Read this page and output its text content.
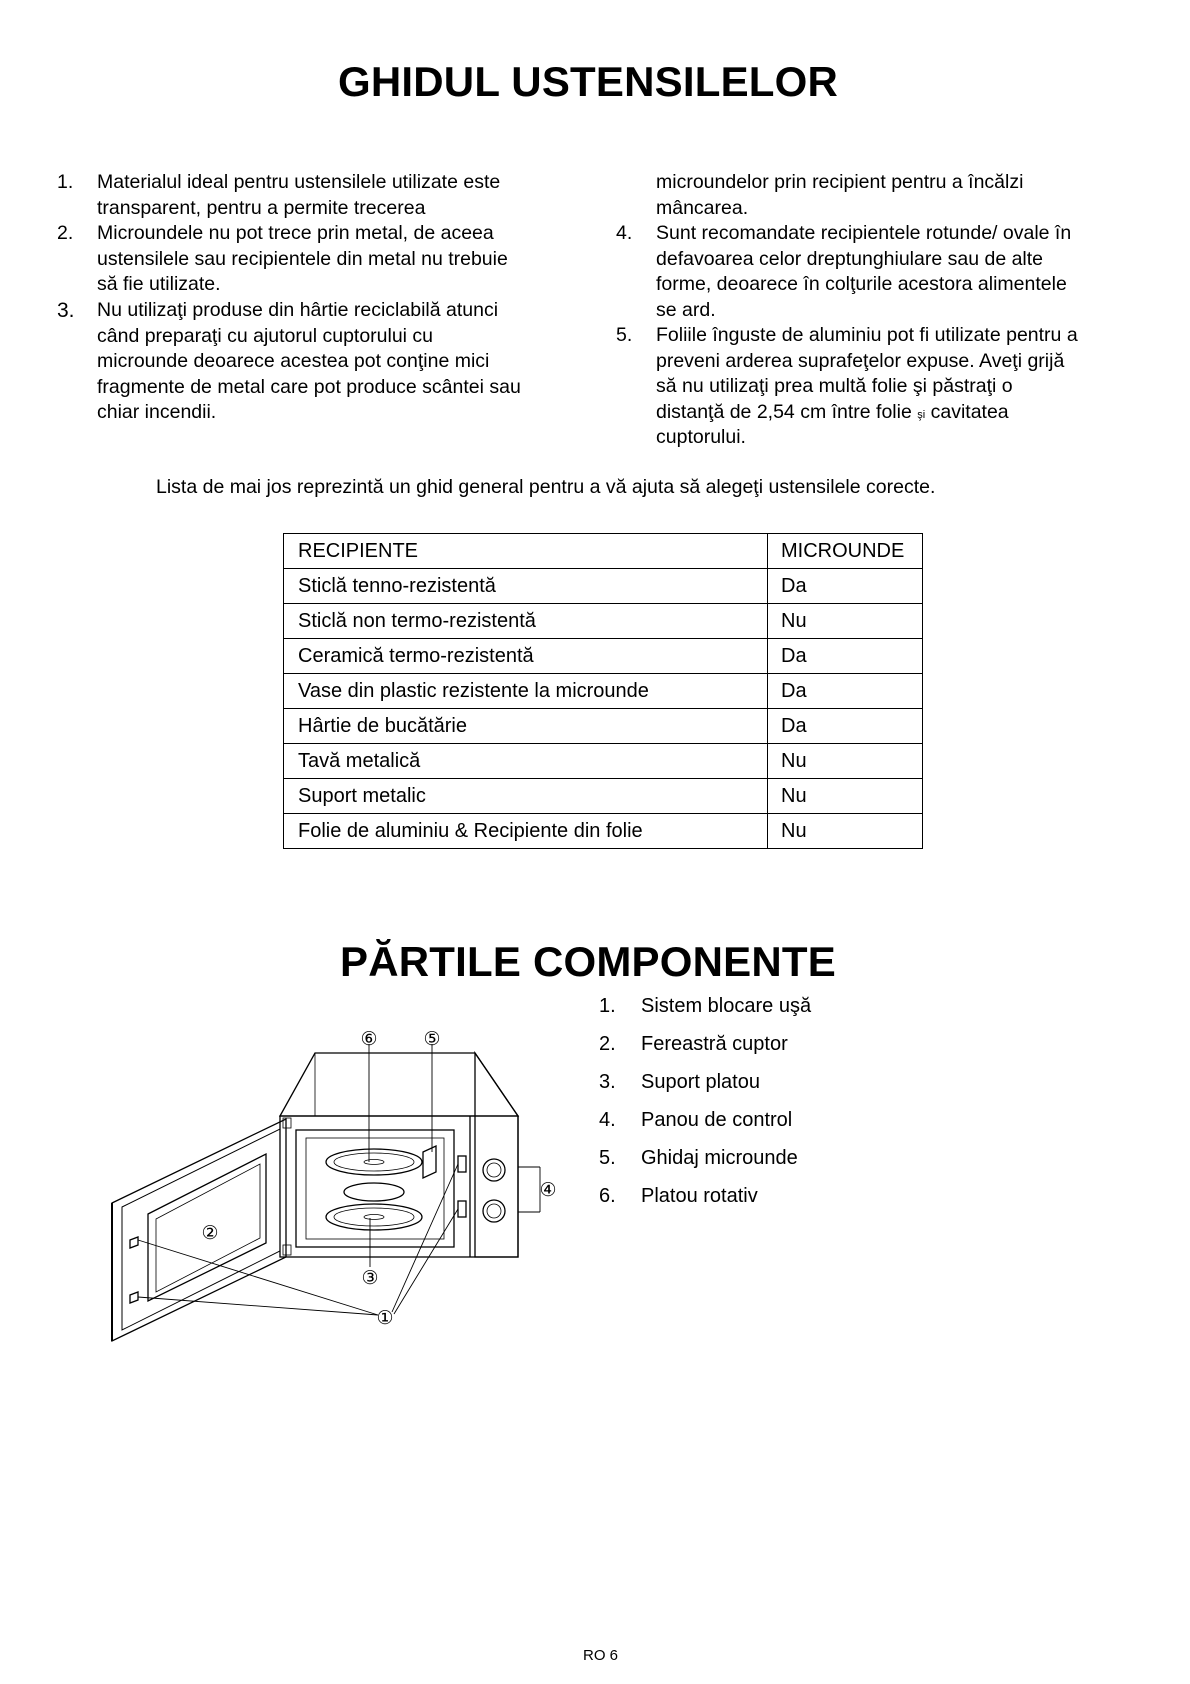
GHIDUL USTENSILELOR
1. Materialul ideal pentru ustensilele utilizate este
transparent, pentru a permite trecerea
2. Microundele nu pot trece prin metal, de aceea
ustensilele sau recipientele din metal nu trebuie
să fie utilizate.
3. Nu utilizaţi produse din hârtie reciclabilă atunci
când preparaţi cu ajutorul cuptorului cu
microunde deoarece acestea pot conţine mici
fragmente de metal care pot produce scântei sau
chiar incendii.
microundelor prin recipient pentru a încălzi
mâncarea.
4. Sunt recomandate recipientele rotunde/ ovale în
defavoarea celor dreptunghiulare sau de alte
forme, deoarece în colţurile acestora alimentele
se ard.
5. Foliile înguste de aluminiu pot fi utilizate pentru a
preveni arderea suprafeţelor expuse. Aveţi grijă
să nu utilizaţi prea multă folie şi păstraţi o
distanţă de 2,54 cm între folie şi cavitatea
cuptorului.
Lista de mai jos reprezintă un ghid general pentru a vă ajuta să alegeţi ustensilele corecte.
RECIPIENTE	MICROUNDE
Sticlă tenno-rezistentă	Da
Sticlă non termo-rezistentă	Nu
Ceramică termo-rezistentă	Da
Vase din plastic rezistente la microunde	Da
Hârtie de bucătărie	Da
Tavă metalică	Nu
Suport metalic	Nu
Folie de aluminiu & Recipiente din folie	Nu
PĂRTILE COMPONENTE
1. Sistem blocare uşă
2. Fereastră cuptor
3. Suport platou
4. Panou de control
5. Ghidaj microunde
6. Platou rotativ
⑥ ⑤
④
③
②
①
RO 6
